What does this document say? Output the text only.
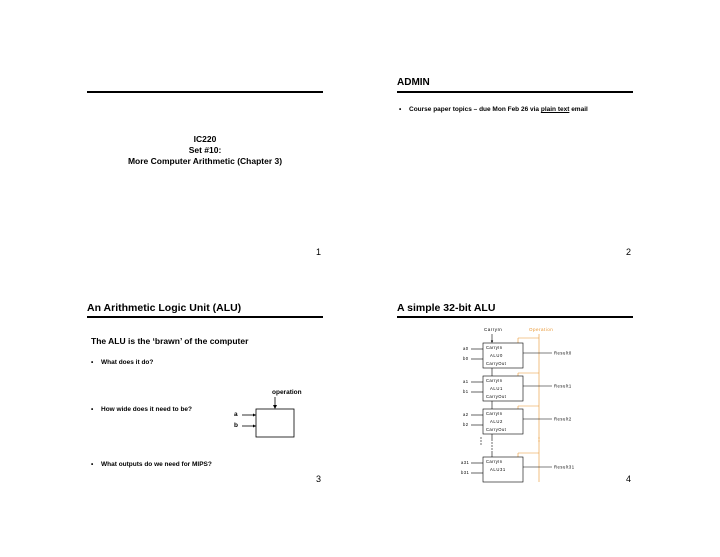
IC220
Set #10:
More Computer Arithmetic (Chapter 3)
1
ADMIN
• Course paper topics – due Mon Feb 26 via plain text email
2
An Arithmetic Logic Unit (ALU)
The ALU is the ‘brawn’ of the computer
• What does it do?
• How wide does it need to be?
• What outputs do we need for MIPS?
operation
a
b
3
A simple 32-bit ALU
CarryIn	Operation
CarryIn
ALU0
CarryOut
a0
b0
Result0
CarryIn
ALU1
CarryOut
a1
b1
Result1
CarryIn
ALU2
CarryOut
a2
b2
Result2
CarryIn
ALU31
a31
b31
Result31
4
